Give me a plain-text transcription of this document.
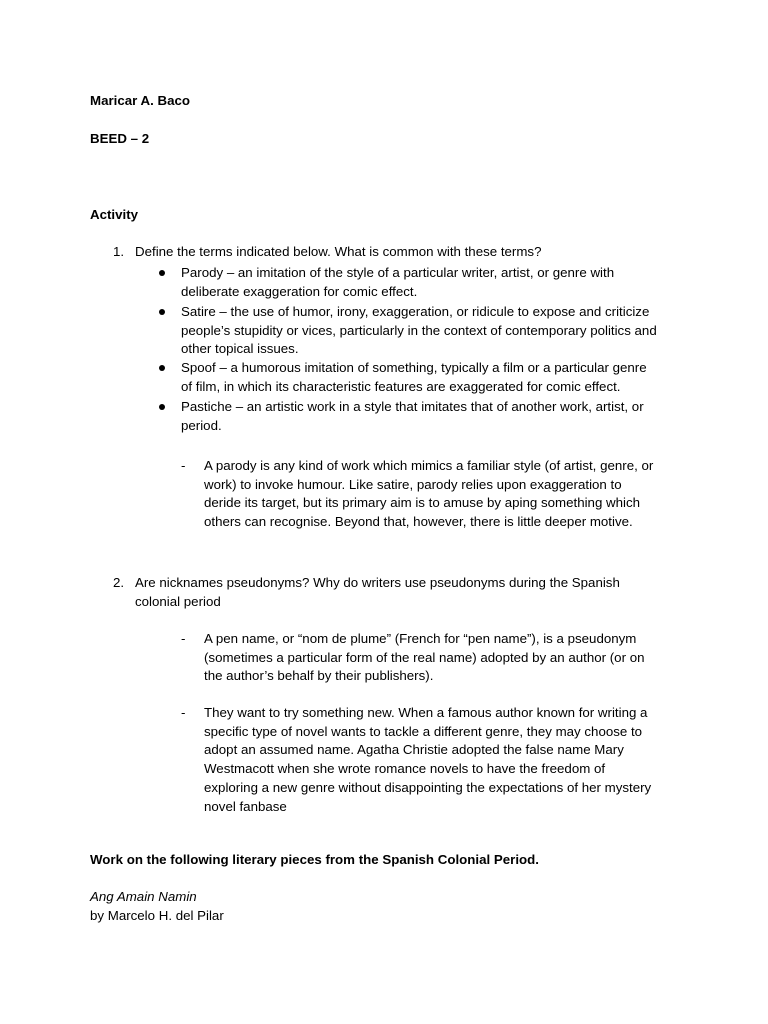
Maricar A. Baco
BEED – 2
Activity
1. Define the terms indicated below. What is common with these terms?
Parody – an imitation of the style of a particular writer, artist, or genre with
deliberate exaggeration for comic effect.
Satire – the use of humor, irony, exaggeration, or ridicule to expose and criticize
people’s stupidity or vices, particularly in the context of contemporary politics and
other topical issues.
Spoof – a humorous imitation of something, typically a film or a particular genre
of film, in which its characteristic features are exaggerated for comic effect.
Pastiche – an artistic work in a style that imitates that of another work, artist, or
period.
- A parody is any kind of work which mimics a familiar style (of artist, genre, or
work) to invoke humour. Like satire, parody relies upon exaggeration to
deride its target, but its primary aim is to amuse by aping something which
others can recognise. Beyond that, however, there is little deeper motive.
2. Are nicknames pseudonyms? Why do writers use pseudonyms during the Spanish
colonial period
- A pen name, or “nom de plume” (French for “pen name”), is a pseudonym
(sometimes a particular form of the real name) adopted by an author (or on
the author’s behalf by their publishers).
- They want to try something new. When a famous author known for writing a
specific type of novel wants to tackle a different genre, they may choose to
adopt an assumed name. Agatha Christie adopted the false name Mary
Westmacott when she wrote romance novels to have the freedom of
exploring a new genre without disappointing the expectations of her mystery
novel fanbase
Work on the following literary pieces from the Spanish Colonial Period.
Ang Amain Namin
by Marcelo H. del Pilar
